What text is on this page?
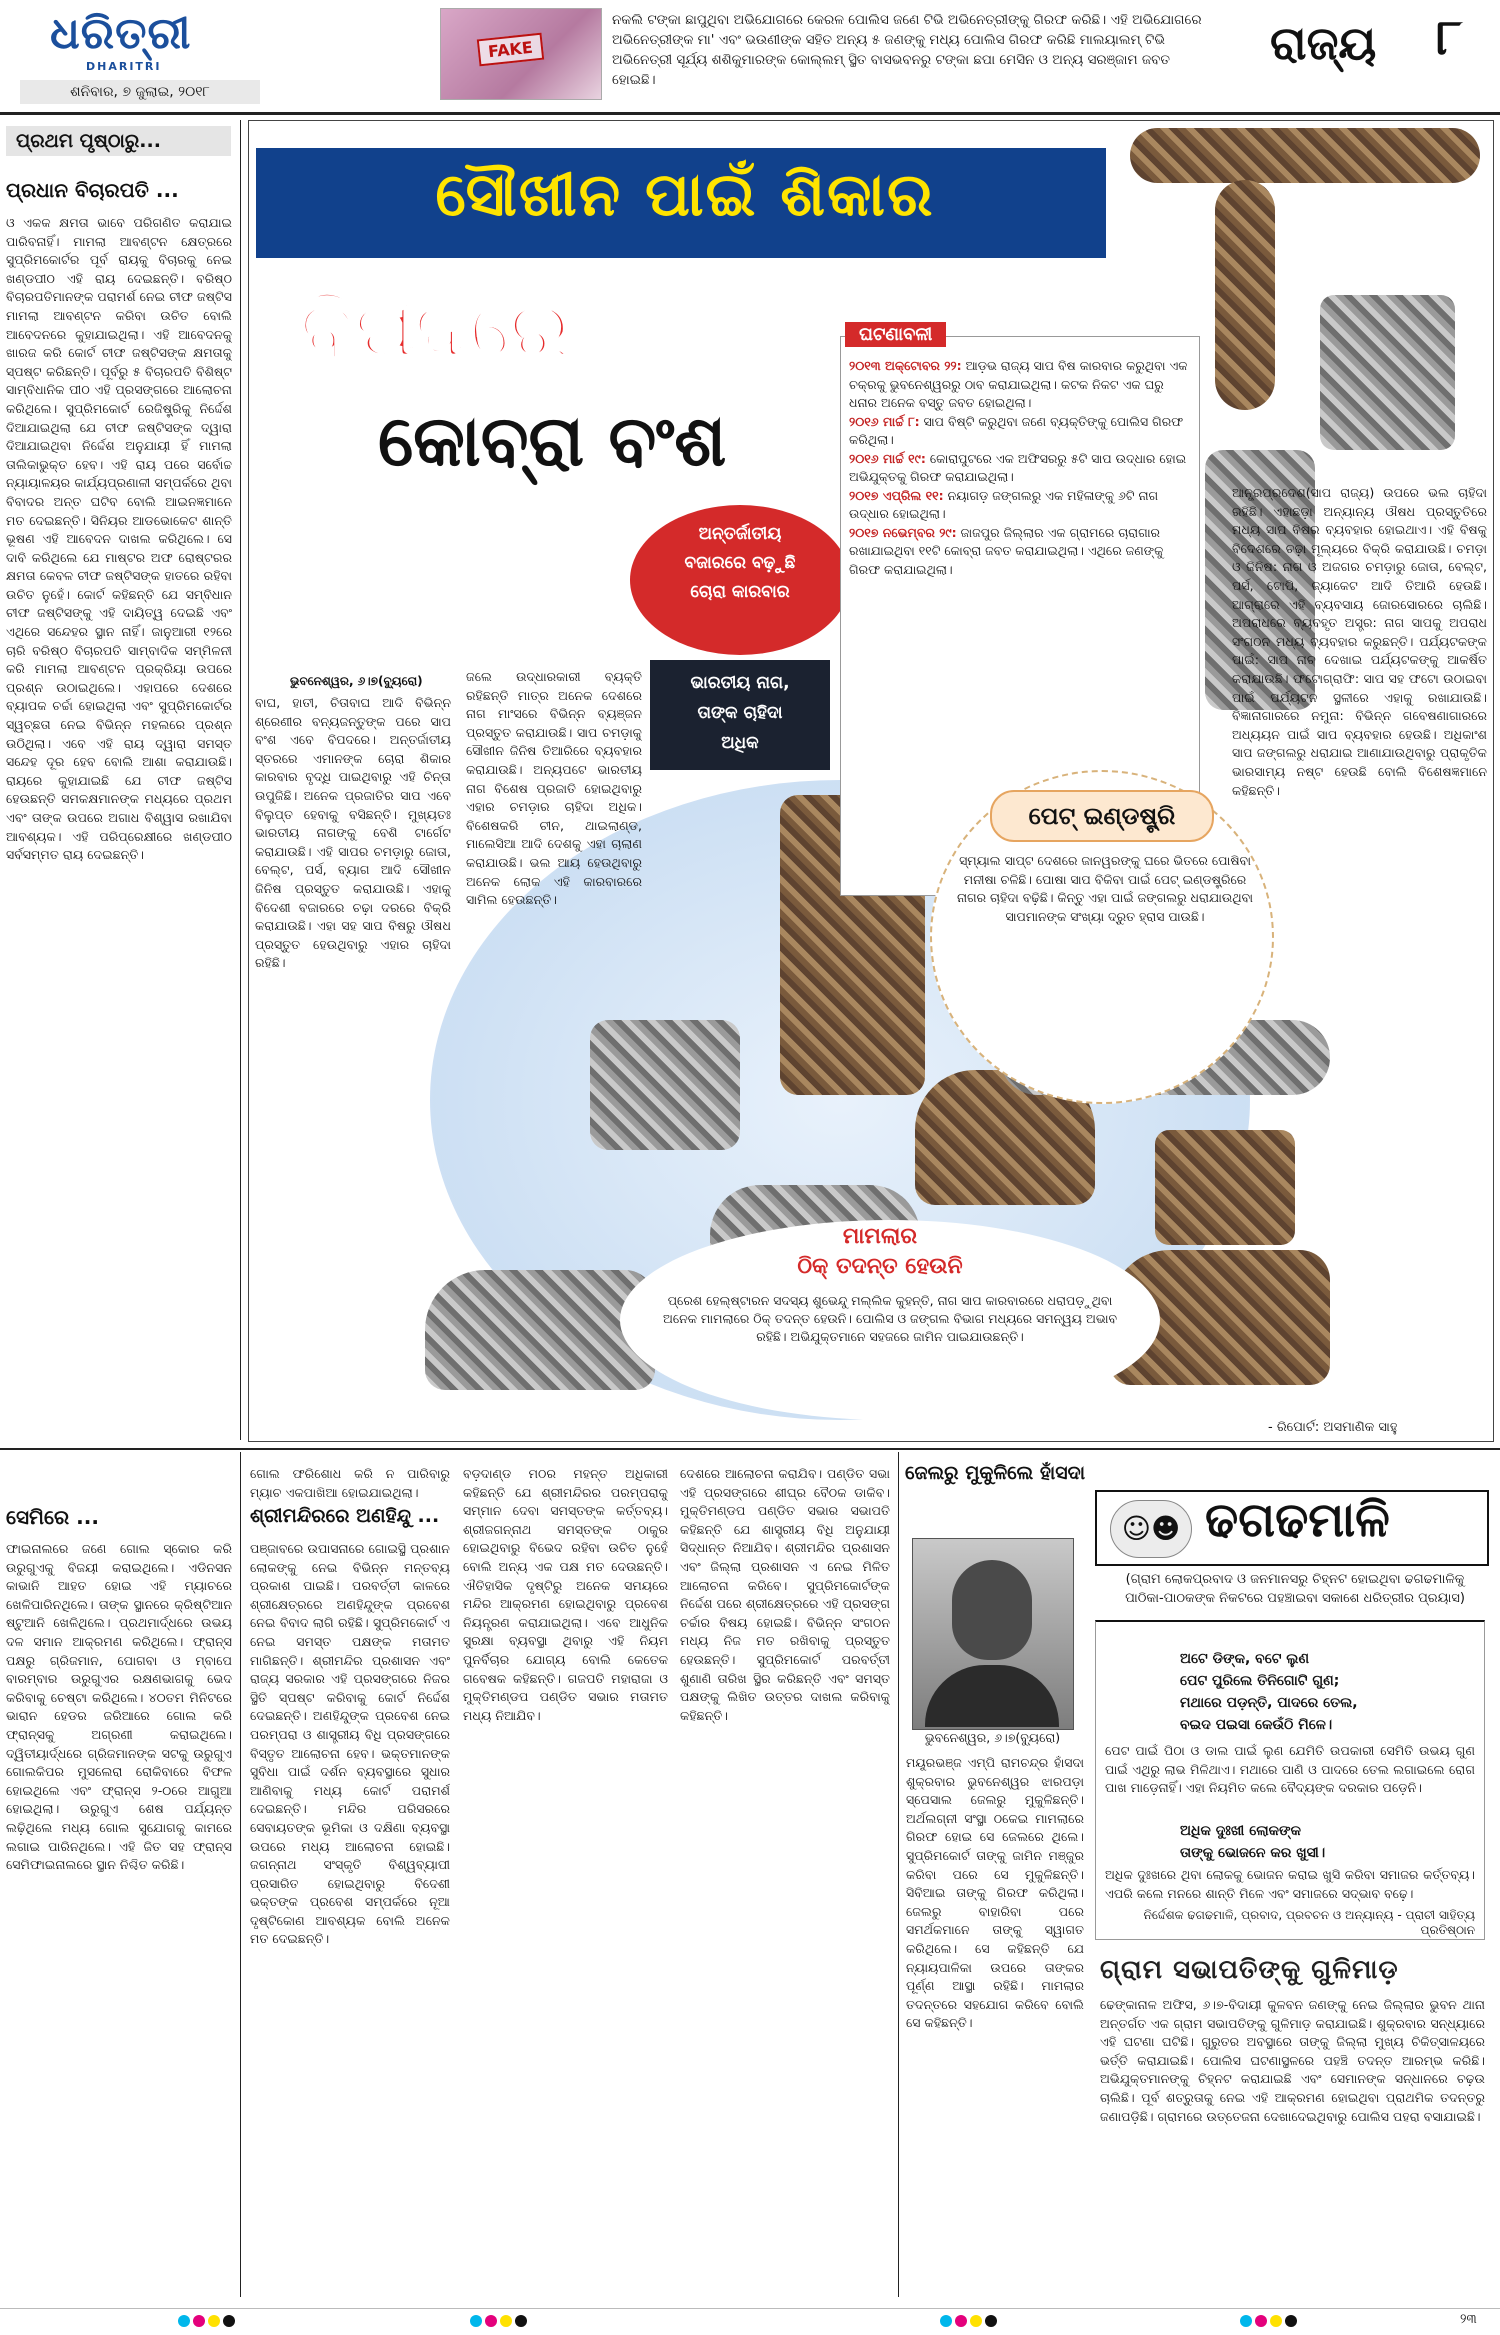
ଧରିତ୍ରୀ
DHARITRI
ଶନିବାର, ୭ ଜୁଲାଇ, ୨୦୧୮
FAKE
ନକଲି ଟଙ୍କା ଛାପୁଥିବା ଅଭିଯୋଗରେ କେରଳ ପୋଲିସ ଜଣେ ଟିଭି ଅଭିନେତ୍ରୀଙ୍କୁ ଗିରଫ କରିଛି। ଏହି ଅଭିଯୋଗରେ ଅଭିନେତ୍ରୀଙ୍କ ମା' ଏବଂ ଭଉଣୀଙ୍କ ସହିତ ଅନ୍ୟ ୫ ଜଣଙ୍କୁ ମଧ୍ୟ ପୋଲିସ ଗିରଫ କରିଛି ମାଲୟାଲମ୍ ଟିଭି ଅଭିନେତ୍ରୀ ସୂର୍ଯ୍ୟ ଶଶିକୁମାରଙ୍କ କୋଲ୍ଲମ୍ ସ୍ଥିତ ବାସଭବନରୁ ଟଙ୍କା ଛପା ମେସିନ ଓ ଅନ୍ୟ ସରଞ୍ଜାମ ଜବତ ହୋଇଛି।
ରାଜ୍ୟ ୮
ପ୍ରଥମ ପୃଷ୍ଠାରୁ...
ପ୍ରଧାନ ବିଚାରପତି ...
ଓ ଏକକ କ୍ଷମତା ଭାବେ ପରିଗଣିତ କରାଯାଇ ପାରିବନାହିଁ। ମାମଲା ଆବଣ୍ଟନ କ୍ଷେତ୍ରରେ ସୁପ୍ରିମକୋର୍ଟର ପୂର୍ବ ରାୟକୁ ବିଚାରକୁ ନେଇ ଖଣ୍ଡପୀଠ ଏହି ରାୟ ଦେଇଛନ୍ତି। ବରିଷ୍ଠ ବିଚାରପତିମାନଙ୍କ ପରାମର୍ଶ ନେଇ ଚୀଫ ଜଷ୍ଟିସ ମାମଲା ଆବଣ୍ଟନ କରିବା ଉଚିତ ବୋଲି ଆବେଦନରେ କୁହାଯାଇଥିଲା। ଏହି ଆବେଦନକୁ ଖାରଜ କରି କୋର୍ଟ ଚୀଫ ଜଷ୍ଟିସଙ୍କ କ୍ଷମତାକୁ ସ୍ପଷ୍ଟ କରିଛନ୍ତି। ପୂର୍ବରୁ ୫ ବିଚାରପତି ବିଶିଷ୍ଟ ସାମ୍ବିଧାନିକ ପୀଠ ଏହି ପ୍ରସଙ୍ଗରେ ଆଲୋଚନା କରିଥିଲେ। ସୁପ୍ରିମକୋର୍ଟ ରେଜିଷ୍ଟ୍ରିକୁ ନିର୍ଦ୍ଦେଶ ଦିଆଯାଇଥିଲା ଯେ ଚୀଫ ଜଷ୍ଟିସଙ୍କ ଦ୍ୱାରା ଦିଆଯାଇଥିବା ନିର୍ଦ୍ଦେଶ ଅନୁଯାୟୀ ହିଁ ମାମଲା ତାଲିକାଭୁକ୍ତ ହେବ। ଏହି ରାୟ ପରେ ସର୍ବୋଚ୍ଚ ନ୍ୟାୟାଳୟର କାର୍ଯ୍ୟପ୍ରଣାଳୀ ସମ୍ପର୍କରେ ଥିବା ବିବାଦର ଅନ୍ତ ଘଟିବ ବୋଲି ଆଇନଜ୍ଞମାନେ ମତ ଦେଇଛନ୍ତି। ସିନିୟର ଆଡଭୋକେଟ ଶାନ୍ତି ଭୂଷଣ ଏହି ଆବେଦନ ଦାଖଲ କରିଥିଲେ। ସେ ଦାବି କରିଥିଲେ ଯେ ମାଷ୍ଟର ଅଫ ରୋଷ୍ଟରର କ୍ଷମତା କେବଳ ଚୀଫ ଜଷ୍ଟିସଙ୍କ ହାତରେ ରହିବା ଉଚିତ ନୁହେଁ। କୋର୍ଟ କହିଛନ୍ତି ଯେ ସମ୍ବିଧାନ ଚୀଫ ଜଷ୍ଟିସଙ୍କୁ ଏହି ଦାୟିତ୍ୱ ଦେଇଛି ଏବଂ ଏଥିରେ ସନ୍ଦେହର ସ୍ଥାନ ନାହିଁ। ଜାନୁଆରୀ ୧୨ରେ ଚାରି ବରିଷ୍ଠ ବିଚାରପତି ସାମ୍ବାଦିକ ସମ୍ମିଳନୀ କରି ମାମଲା ଆବଣ୍ଟନ ପ୍ରକ୍ରିୟା ଉପରେ ପ୍ରଶ୍ନ ଉଠାଇଥିଲେ। ଏହାପରେ ଦେଶରେ ବ୍ୟାପକ ଚର୍ଚ୍ଚା ହୋଇଥିଲା ଏବଂ ସୁପ୍ରିମକୋର୍ଟର ସ୍ୱଚ୍ଛତା ନେଇ ବିଭିନ୍ନ ମହଲରେ ପ୍ରଶ୍ନ ଉଠିଥିଲା। ଏବେ ଏହି ରାୟ ଦ୍ୱାରା ସମସ୍ତ ସନ୍ଦେହ ଦୂର ହେବ ବୋଲି ଆଶା କରାଯାଉଛି। ରାୟରେ କୁହାଯାଇଛି ଯେ ଚୀଫ ଜଷ୍ଟିସ ହେଉଛନ୍ତି ସମକକ୍ଷମାନଙ୍କ ମଧ୍ୟରେ ପ୍ରଥମ ଏବଂ ତାଙ୍କ ଉପରେ ଅଗାଧ ବିଶ୍ୱାସ ରଖାଯିବା ଆବଶ୍ୟକ। ଏହି ପରିପ୍ରେକ୍ଷୀରେ ଖଣ୍ଡପୀଠ ସର୍ବସମ୍ମତ ରାୟ ଦେଇଛନ୍ତି।
ସୌଖୀନ ପାଇଁ ଶିକାର
ବିପଦରେ
କୋବ୍ରା ବଂଶ
ଅନ୍ତର୍ଜାତୀୟ
ବଜାରରେ ବଢ଼ୁଛି
ଚୋରା କାରବାର
ଭାରତୀୟ ନାଗ,
ତାଙ୍କ ଚାହିଦା
ଅଧିକ
୨୦୧୩ ଅକ୍ଟୋବର ୨୨: ଆଡ଼ଭ ରାଜ୍ୟ ସାପ ବିଷ କାରବାର କରୁଥିବା ଏକ ଚକ୍ରକୁ ଭୁବନେଶ୍ୱରରୁ ଠାବ କରାଯାଇଥିଲା। କଟକ ନିକଟ ଏକ ଘରୁ ଧନାର ଅନେକ ବସ୍ତୁ ଜବତ ହୋଇଥିଲା।
୨୦୧୬ ମାର୍ଚ୍ଚ ୮: ସାପ ବିଷ୍ଟି କରୁଥିବା ଜଣେ ବ୍ୟକ୍ତିଙ୍କୁ ପୋଲିସ ଗିରଫ କରିଥିଲା।
୨୦୧୬ ମାର୍ଚ୍ଚ ୧୯: କୋରାପୁଟରେ ଏକ ଅଫିସରରୁ ୫ଟି ସାପ ଉଦ୍ଧାର ହୋଇ ଅଭିଯୁକ୍ତକୁ ଗିରଫ କରାଯାଇଥିଲା।
୨୦୧୭ ଏପ୍ରିଲ ୧୧: ନୟାଗଡ଼ ଜଙ୍ଗଲରୁ ଏକ ମହିଳାଙ୍କୁ ୬ଟି ନାଗ ଉଦ୍ଧାର ହୋଇଥିଲା।
୨୦୧୭ ନଭେମ୍ବର ୨୯: ଜାଜପୁର ଜିଲ୍ଲାର ଏକ ଗ୍ରାମରେ ଚାରାଗାର ରଖାଯାଇଥିବା ୧୧ଟି କୋବ୍ରା ଜବତ କରାଯାଇଥିଲା। ଏଥିରେ ଜଣଙ୍କୁ ଗିରଫ କରାଯାଇଥିଲା।
ଘଟଣାବଳୀ
ଭୁବନେଶ୍ୱର, ୬।୭(ବ୍ୟୁରୋ)
ବାଘ, ହାତୀ, ଚିତାବାଘ ଆଦି ବିଭିନ୍ନ ଶ୍ରେଣୀର ବନ୍ୟଜନ୍ତୁଙ୍କ ପରେ ସାପ ବଂଶ ଏବେ ବିପଦରେ। ଅନ୍ତର୍ଜାତୀୟ ସ୍ତରରେ ଏମାନଙ୍କ ଚୋରା ଶିକାର କାରବାର ବୃଦ୍ଧି ପାଇଥିବାରୁ ଏହି ଚିନ୍ତା ଉପୁଜିଛି। ଅନେକ ପ୍ରଜାତିର ସାପ ଏବେ ବିଲୁପ୍ତ ହେବାକୁ ବସିଛନ୍ତି। ମୁଖ୍ୟତଃ ଭାରତୀୟ ନାଗଙ୍କୁ ବେଶି ଟାର୍ଗେଟ କରାଯାଉଛି। ଏହି ସାପର ଚମଡ଼ାରୁ ଜୋତା, ବେଲ୍ଟ, ପର୍ସ, ବ୍ୟାଗ ଆଦି ସୌଖୀନ ଜିନିଷ ପ୍ରସ୍ତୁତ କରାଯାଉଛି। ଏହାକୁ ବିଦେଶୀ ବଜାରରେ ଚଢ଼ା ଦରରେ ବିକ୍ରି କରାଯାଉଛି। ଏହା ସହ ସାପ ବିଷରୁ ଔଷଧ ପ୍ରସ୍ତୁତ ହେଉଥିବାରୁ ଏହାର ଚାହିଦା ରହିଛି।
ଜଲେ ଉଦ୍ଧାରକାରୀ ବ୍ୟକ୍ତି ରହିଛନ୍ତି ମାତ୍ର ଅନେକ ଦେଶରେ ନାଗ ମାଂସରେ ବିଭିନ୍ନ ବ୍ୟଞ୍ଜନ ପ୍ରସ୍ତୁତ କରାଯାଉଛି। ସାପ ଚମଡ଼ାକୁ ସୌଖୀନ ଜିନିଷ ତିଆରିରେ ବ୍ୟବହାର କରାଯାଉଛି। ଅନ୍ୟପଟେ ଭାରତୀୟ ନାଗ ବିଶେଷ ପ୍ରଜାତି ହୋଇଥିବାରୁ ଏହାର ଚମଡ଼ାର ଚାହିଦା ଅଧିକ। ବିଶେଷକରି ଚୀନ, ଥାଇଲାଣ୍ଡ, ମାଲେସିଆ ଆଦି ଦେଶକୁ ଏହା ଚାଲାଣ କରାଯାଉଛି। ଭଲ ଆୟ ହେଉଥିବାରୁ ଅନେକ ଲୋକ ଏହି କାରବାରରେ ସାମିଲ ହେଉଛନ୍ତି।
ଆନ୍ଧ୍ରପ୍ରଦେଶ(ସାପ ରାଜ୍ୟ) ଉପରେ ଭଲ ଚାହିଦା ରହିଛି। ଏହାଛଡ଼ା ଅନ୍ୟାନ୍ୟ ଔଷଧ ପ୍ରସ୍ତୁତିରେ ମଧ୍ୟ ସାପ ବିଷର ବ୍ୟବହାର ହୋଇଥାଏ। ଏହି ବିଷକୁ ବିଦେଶରେ ଚଢ଼ା ମୂଲ୍ୟରେ ବିକ୍ରି କରାଯାଉଛି। ଚମଡ଼ା ଓ ଜିନିଷ: ନାଗ ଓ ଅଜଗର ଚମଡ଼ାରୁ ଜୋତା, ବେଲ୍ଟ, ପର୍ସ, ଟୋପି, ଜ୍ୟାକେଟ ଆଦି ତିଆରି ହେଉଛି। ଆଗ୍ରାରେ ଏହି ବ୍ୟବସାୟ ଜୋରସୋରରେ ଚାଲିଛି। ଅପରାଧରେ ବ୍ୟବହୃତ ଅସ୍ତ୍ର: ନାଗ ସାପକୁ ଅପରାଧ ସଂଗଠନ ମଧ୍ୟ ବ୍ୟବହାର କରୁଛନ୍ତି। ପର୍ଯ୍ୟଟକଙ୍କ ପାଇଁ: ସାପ ନାଚ ଦେଖାଇ ପର୍ଯ୍ୟଟକଙ୍କୁ ଆକର୍ଷିତ କରାଯାଉଛି। ଫଟୋଗ୍ରାଫି: ସାପ ସହ ଫଟୋ ଉଠାଇବା ପାଇଁ ପର୍ଯ୍ୟଟନ ସ୍ଥଳୀରେ ଏହାକୁ ରଖାଯାଉଛି। ବିଜ୍ଞାନାଗାରରେ ନମୁନା: ବିଭିନ୍ନ ଗବେଷଣାଗାରରେ ଅଧ୍ୟୟନ ପାଇଁ ସାପ ବ୍ୟବହାର ହେଉଛି। ଅଧିକାଂଶ ସାପ ଜଙ୍ଗଲରୁ ଧରାଯାଇ ଆଣାଯାଉଥିବାରୁ ପ୍ରାକୃତିକ ଭାରସାମ୍ୟ ନଷ୍ଟ ହେଉଛି ବୋଲି ବିଶେଷଜ୍ଞମାନେ କହିଛନ୍ତି।
ପେଟ୍ ଇଣ୍ଡଷ୍ଟ୍ରି
ସ୍ମ୍ୟାଲ ସାପ୍ଟ ଦେଶରେ ଜାନୱରଙ୍କୁ ଘରେ ଭିତରେ ପୋଷିବା ମନୀଷା ଚଳିଛି। ପୋଷା ସାପ ବିକିବା ପାଇଁ ପେଟ୍ ଇଣ୍ଡଷ୍ଟ୍ରିରେ ନାଗର ଚାହିଦା ବଢ଼ିଛି। କିନ୍ତୁ ଏହା ପାଇଁ ଜଙ୍ଗଲରୁ ଧରାଯାଉଥିବା ସାପମାନଙ୍କ ସଂଖ୍ୟା ଦ୍ରୁତ ହ୍ରାସ ପାଉଛି।
ମାମଲାର
ଠିକ୍ ତଦନ୍ତ ହେଉନି
ପ୍ରେଶ ହେଲ୍ଷ୍ଟାରନ ସଦସ୍ୟ ଶୁଭେନ୍ଦୁ ମଲ୍ଲିକ କୁହନ୍ତି, ନାଗ ସାପ କାରବାରରେ ଧରାପଡ଼ୁଥିବା ଅନେକ ମାମଲାରେ ଠିକ୍ ତଦନ୍ତ ହେଉନି। ପୋଲିସ ଓ ଜଙ୍ଗଲ ବିଭାଗ ମଧ୍ୟରେ ସମନ୍ୱୟ ଅଭାବ ରହିଛି। ଅଭିଯୁକ୍ତମାନେ ସହଜରେ ଜାମିନ ପାଇଯାଉଛନ୍ତି।
- ରିପୋର୍ଟ: ଅସମାଣିକ ସାହୁ
ସେମିରେ ...
ଫାଇନାଲରେ ଜଣେ ଗୋଲ ସ୍କୋର କରି ଉରୁଗୁଏକୁ ବିଜୟୀ କରାଇଥିଲେ। ଏଡିନସନ କାଭାନି ଆହତ ହୋଇ ଏହି ମ୍ୟାଚରେ ଖେଳିପାରିନଥିଲେ। ତାଙ୍କ ସ୍ଥାନରେ କ୍ରିଷ୍ଟିଆନ ଷ୍ଟୁଆନି ଖେଳିଥିଲେ। ପ୍ରଥମାର୍ଦ୍ଧରେ ଉଭୟ ଦଳ ସମାନ ଆକ୍ରମଣ କରିଥିଲେ। ଫ୍ରାନ୍ସ ପକ୍ଷରୁ ଗ୍ରିଜମାନ, ପୋଗବା ଓ ମ୍ବାପେ ବାରମ୍ବାର ଉରୁଗୁଏର ରକ୍ଷଣଭାଗକୁ ଭେଦ କରିବାକୁ ଚେଷ୍ଟା କରିଥିଲେ। ୪୦ତମ ମିନିଟରେ ଭାରାନ ହେଡର ଜରିଆରେ ଗୋଲ କରି ଫ୍ରାନ୍ସକୁ ଅଗ୍ରଣୀ କରାଇଥିଲେ। ଦ୍ୱିତୀୟାର୍ଦ୍ଧରେ ଗ୍ରିଜମାନଙ୍କ ସଟକୁ ଉରୁଗୁଏ ଗୋଲକିପର ମୁସଲେରା ରୋକିବାରେ ବିଫଳ ହୋଇଥିଲେ ଏବଂ ଫ୍ରାନ୍ସ ୨-୦ରେ ଆଗୁଆ ହୋଇଥିଲା। ଉରୁଗୁଏ ଶେଷ ପର୍ଯ୍ୟନ୍ତ ଲଢ଼ିଥିଲେ ମଧ୍ୟ ଗୋଲ ସୁଯୋଗକୁ କାମରେ ଲଗାଇ ପାରିନଥିଲେ। ଏହି ଜିତ ସହ ଫ୍ରାନ୍ସ ସେମିଫାଇନାଲରେ ସ୍ଥାନ ନିଶ୍ଚିତ କରିଛି।
ଗୋଲ ଫରିଶୋଧ କରି ନ ପାରିବାରୁ ମ୍ୟାଚ ଏକପାଖିଆ ହୋଇଯାଇଥିଲା।
ଶ୍ରୀମନ୍ଦିରରେ ଅଣହିନ୍ଦୁ ...
ପଞ୍ଜାବରେ ଉପାସନାରେ ଗୋଇସ୍ଥି ପ୍ରଶାନ ଲୋକଙ୍କୁ ନେଇ ବିଭିନ୍ନ ମନ୍ତବ୍ୟ ପ୍ରକାଶ ପାଇଛି। ପରବର୍ତ୍ତୀ କାଳରେ ଶ୍ରୀକ୍ଷେତ୍ରରେ ଅଣହିନ୍ଦୁଙ୍କ ପ୍ରବେଶ ନେଇ ବିବାଦ ଲାଗି ରହିଛି। ସୁପ୍ରିମକୋର୍ଟ ଏ ନେଇ ସମସ୍ତ ପକ୍ଷଙ୍କ ମତାମତ ମାଗିଛନ୍ତି। ଶ୍ରୀମନ୍ଦିର ପ୍ରଶାସନ ଏବଂ ରାଜ୍ୟ ସରକାର ଏହି ପ୍ରସଙ୍ଗରେ ନିଜର ସ୍ଥିତି ସ୍ପଷ୍ଟ କରିବାକୁ କୋର୍ଟ ନିର୍ଦ୍ଦେଶ ଦେଇଛନ୍ତି। ଅଣହିନ୍ଦୁଙ୍କ ପ୍ରବେଶ ନେଇ ପରମ୍ପରା ଓ ଶାସ୍ତ୍ରୀୟ ବିଧି ପ୍ରସଙ୍ଗରେ ବିସ୍ତୃତ ଆଲୋଚନା ହେବ। ଭକ୍ତମାନଙ୍କ ସୁବିଧା ପାଇଁ ଦର୍ଶନ ବ୍ୟବସ୍ଥାରେ ସୁଧାର ଆଣିବାକୁ ମଧ୍ୟ କୋର୍ଟ ପରାମର୍ଶ ଦେଇଛନ୍ତି। ମନ୍ଦିର ପରିସରରେ ସେବାୟତଙ୍କ ଭୂମିକା ଓ ଦକ୍ଷିଣା ବ୍ୟବସ୍ଥା ଉପରେ ମଧ୍ୟ ଆଲୋଚନା ହୋଇଛି। ଜଗନ୍ନାଥ ସଂସ୍କୃତି ବିଶ୍ୱବ୍ୟାପୀ ପ୍ରସାରିତ ହୋଇଥିବାରୁ ବିଦେଶୀ ଭକ୍ତଙ୍କ ପ୍ରବେଶ ସମ୍ପର୍କରେ ନୂଆ ଦୃଷ୍ଟିକୋଣ ଆବଶ୍ୟକ ବୋଲି ଅନେକ ମତ ଦେଇଛନ୍ତି।
ବଡ଼ଦାଣ୍ଡ ମଠର ମହନ୍ତ ଅଧିକାରୀ କହିଛନ୍ତି ଯେ ଶ୍ରୀମନ୍ଦିରର ପରମ୍ପରାକୁ ସମ୍ମାନ ଦେବା ସମସ୍ତଙ୍କ କର୍ତ୍ତବ୍ୟ। ଶ୍ରୀଜଗନ୍ନାଥ ସମସ୍ତଙ୍କ ଠାକୁର ହୋଇଥିବାରୁ ବିଭେଦ ରହିବା ଉଚିତ ନୁହେଁ ବୋଲି ଅନ୍ୟ ଏକ ପକ୍ଷ ମତ ଦେଉଛନ୍ତି। ଐତିହାସିକ ଦୃଷ୍ଟିରୁ ଅନେକ ସମୟରେ ମନ୍ଦିର ଆକ୍ରମଣ ହୋଇଥିବାରୁ ପ୍ରବେଶ ନିୟନ୍ତ୍ରଣ କରାଯାଇଥିଲା। ଏବେ ଆଧୁନିକ ସୁରକ୍ଷା ବ୍ୟବସ୍ଥା ଥିବାରୁ ଏହି ନିୟମ ପୁନର୍ବିଚାର ଯୋଗ୍ୟ ବୋଲି କେତେକ ଗବେଷକ କହିଛନ୍ତି। ଗଜପତି ମହାରାଜା ଓ ମୁକ୍ତିମଣ୍ଡପ ପଣ୍ଡିତ ସଭାର ମତାମତ ମଧ୍ୟ ନିଆଯିବ।
ଦେଶରେ ଆଲୋଚନା କରାଯିବ। ପଣ୍ଡିତ ସଭା ଏହି ପ୍ରସଙ୍ଗରେ ଶୀଘ୍ର ବୈଠକ ଡାକିବ। ମୁକ୍ତିମଣ୍ଡପ ପଣ୍ଡିତ ସଭାର ସଭାପତି କହିଛନ୍ତି ଯେ ଶାସ୍ତ୍ରୀୟ ବିଧି ଅନୁଯାୟୀ ସିଦ୍ଧାନ୍ତ ନିଆଯିବ। ଶ୍ରୀମନ୍ଦିର ପ୍ରଶାସନ ଏବଂ ଜିଲ୍ଲା ପ୍ରଶାସନ ଏ ନେଇ ମିଳିତ ଆଲୋଚନା କରିବେ। ସୁପ୍ରିମକୋର୍ଟଙ୍କ ନିର୍ଦ୍ଦେଶ ପରେ ଶ୍ରୀକ୍ଷେତ୍ରରେ ଏହି ପ୍ରସଙ୍ଗ ଚର୍ଚ୍ଚାର ବିଷୟ ହୋଇଛି। ବିଭିନ୍ନ ସଂଗଠନ ମଧ୍ୟ ନିଜ ମତ ରଖିବାକୁ ପ୍ରସ୍ତୁତ ହେଉଛନ୍ତି। ସୁପ୍ରିମକୋର୍ଟ ପରବର୍ତ୍ତୀ ଶୁଣାଣି ତାରିଖ ସ୍ଥିର କରିଛନ୍ତି ଏବଂ ସମସ୍ତ ପକ୍ଷଙ୍କୁ ଲିଖିତ ଉତ୍ତର ଦାଖଲ କରିବାକୁ କହିଛନ୍ତି।
ଜେଲରୁ ମୁକୁଳିଲେ ହାଁସଦା
ଭୁବନେଶ୍ୱର, ୬।୭(ବ୍ୟୁରୋ)
ମୟୂରଭଞ୍ଜ ଏମ୍‌ପି ରାମଚନ୍ଦ୍ର ହାଁସଦା ଶୁକ୍ରବାର ଭୁବନେଶ୍ୱର ଝାରପଡ଼ା ସ୍ପେସାଲ ଜେଲରୁ ମୁକୁଳିଛନ୍ତି। ଅର୍ଥଲଗ୍ନୀ ସଂସ୍ଥା ଠକେଇ ମାମଲାରେ ଗିରଫ ହୋଇ ସେ ଜେଲରେ ଥିଲେ। ସୁପ୍ରିମକୋର୍ଟ ତାଙ୍କୁ ଜାମିନ ମଞ୍ଜୁର କରିବା ପରେ ସେ ମୁକୁଳିଛନ୍ତି। ସିବିଆଇ ତାଙ୍କୁ ଗିରଫ କରିଥିଲା। ଜେଲରୁ ବାହାରିବା ପରେ ସମର୍ଥକମାନେ ତାଙ୍କୁ ସ୍ୱାଗତ କରିଥିଲେ। ସେ କହିଛନ୍ତି ଯେ ନ୍ୟାୟପାଳିକା ଉପରେ ତାଙ୍କର ପୂର୍ଣ୍ଣ ଆସ୍ଥା ରହିଛି। ମାମଲାର ତଦନ୍ତରେ ସହଯୋଗ କରିବେ ବୋଲି ସେ କହିଛନ୍ତି।
☺☻ ଢଗଢମାଳି
(ଗ୍ରାମ ଲୋକପ୍ରବାଦ ଓ ଜନମାନସରୁ ଚିହ୍ନଟ ହୋଇଥିବା ଢଗଢମାଳିକୁ ପାଠିକା-ପାଠକଙ୍କ ନିକଟରେ ପହଞ୍ଚାଇବା ସକାଶେ ଧରିତ୍ରୀର ପ୍ରୟାସ)
ଅଟେ ଡିଙ୍କ, ବଟେ ଲୁଣ
ପେଟ ପୁରିଲେ ତିନିଗୋଟି ଗୁଣ;
ମଥାରେ ପଡ଼ନ୍ତି, ପାଦରେ ତେଲ,
ବଇଦ ପଇସା କେଉଁଠି ମିଳେ।
ପେଟ ପାଇଁ ପିଠା ଓ ଡାଲ ପାଇଁ ଲୁଣ ଯେମିତି ଉପକାରୀ ସେମିତି ଉଭୟ ଗୁଣ ପାଇଁ ଏଥିରୁ ଲାଭ ମିଳିଥାଏ। ମଥାରେ ପାଣି ଓ ପାଦରେ ତେଲ ଲଗାଇଲେ ରୋଗ ପାଖ ମାଡ଼େନାହିଁ। ଏହା ନିୟମିତ କଲେ ବୈଦ୍ୟଙ୍କ ଦରକାର ପଡ଼େନି।
ଅଧିକ ଦୁଃଖୀ ଲୋକଙ୍କ
ତାଙ୍କୁ ଭୋଜନେ କର ଖୁସୀ।
ଅଧିକ ଦୁଃଖରେ ଥିବା ଲୋକକୁ ଭୋଜନ କରାଇ ଖୁସି କରିବା ସମାଜର କର୍ତ୍ତବ୍ୟ। ଏପରି କଲେ ମନରେ ଶାନ୍ତି ମିଳେ ଏବଂ ସମାଜରେ ସଦ୍ଭାବ ବଢ଼େ।
ନିର୍ଦ୍ଦେଶକ ଢଗଢମାଳି, ପ୍ରବାଦ, ପ୍ରବଚନ ଓ ଅନ୍ୟାନ୍ୟ - ପ୍ରାଚୀ ସାହିତ୍ୟ ପ୍ରତିଷ୍ଠାନ
ଗ୍ରାମ ସଭାପତିଙ୍କୁ ଗୁଳିମାଡ଼
ଢେଙ୍କାନାଳ ଅଫିସ, ୬।୭-ବିଦାୟୀ କୁଳବନ ଜଣଙ୍କୁ ନେଇ ଜିଲ୍ଲାର ଭୁବନ ଥାନା ଅନ୍ତର୍ଗତ ଏକ ଗ୍ରାମ ସଭାପତିଙ୍କୁ ଗୁଳିମାଡ଼ କରାଯାଇଛି। ଶୁକ୍ରବାର ସନ୍ଧ୍ୟାରେ ଏହି ଘଟଣା ଘଟିଛି। ଗୁରୁତର ଅବସ୍ଥାରେ ତାଙ୍କୁ ଜିଲ୍ଲା ମୁଖ୍ୟ ଚିକିତ୍ସାଳୟରେ ଭର୍ତ୍ତି କରାଯାଇଛି। ପୋଲିସ ଘଟଣାସ୍ଥଳରେ ପହଞ୍ଚି ତଦନ୍ତ ଆରମ୍ଭ କରିଛି। ଅଭିଯୁକ୍ତମାନଙ୍କୁ ଚିହ୍ନଟ କରାଯାଇଛି ଏବଂ ସେମାନଙ୍କ ସନ୍ଧାନରେ ଚଢ଼ଉ ଚାଲିଛି। ପୂର୍ବ ଶତ୍ରୁତାକୁ ନେଇ ଏହି ଆକ୍ରମଣ ହୋଇଥିବା ପ୍ରାଥମିକ ତଦନ୍ତରୁ ଜଣାପଡ଼ିଛି। ଗ୍ରାମରେ ଉତ୍ତେଜନା ଦେଖାଦେଇଥିବାରୁ ପୋଲିସ ପହରା ବସାଯାଇଛି।
୨୩
